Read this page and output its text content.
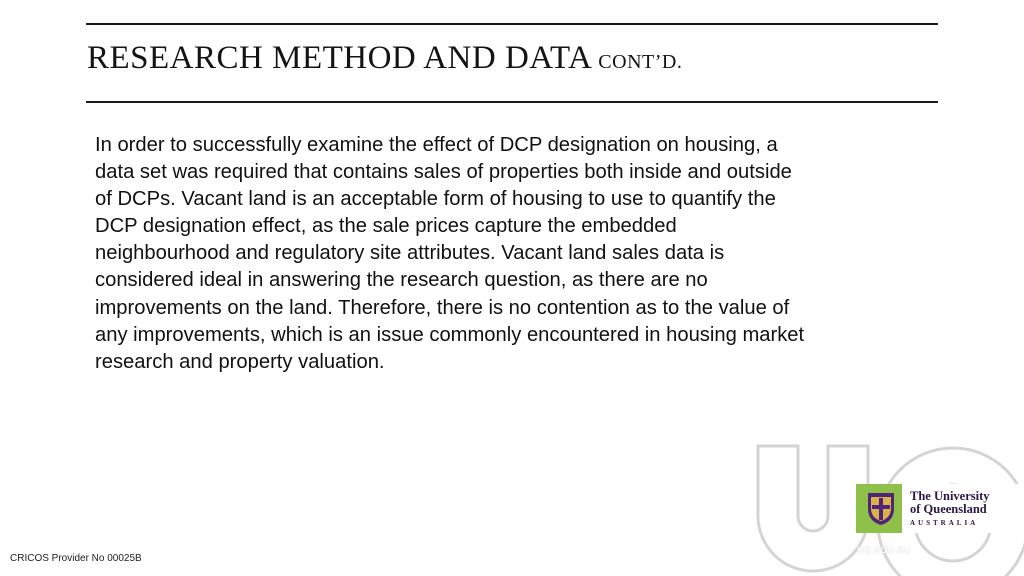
RESEARCH METHOD AND DATA CONT’D.
In order to successfully examine the effect of DCP designation on housing, a
data set was required that contains sales of properties both inside and outside
of DCPs. Vacant land is an acceptable form of housing to use to quantify the
DCP designation effect, as the sale prices capture the embedded
neighbourhood and regulatory site attributes. Vacant land sales data is
considered ideal in answering the research question, as there are no
improvements on the land. Therefore, there is no contention as to the value of
any improvements, which is an issue commonly encountered in housing market
research and property valuation.
The University
of Queensland
AUSTRALIA
uq.edu.au
CRICOS Provider No 00025B
